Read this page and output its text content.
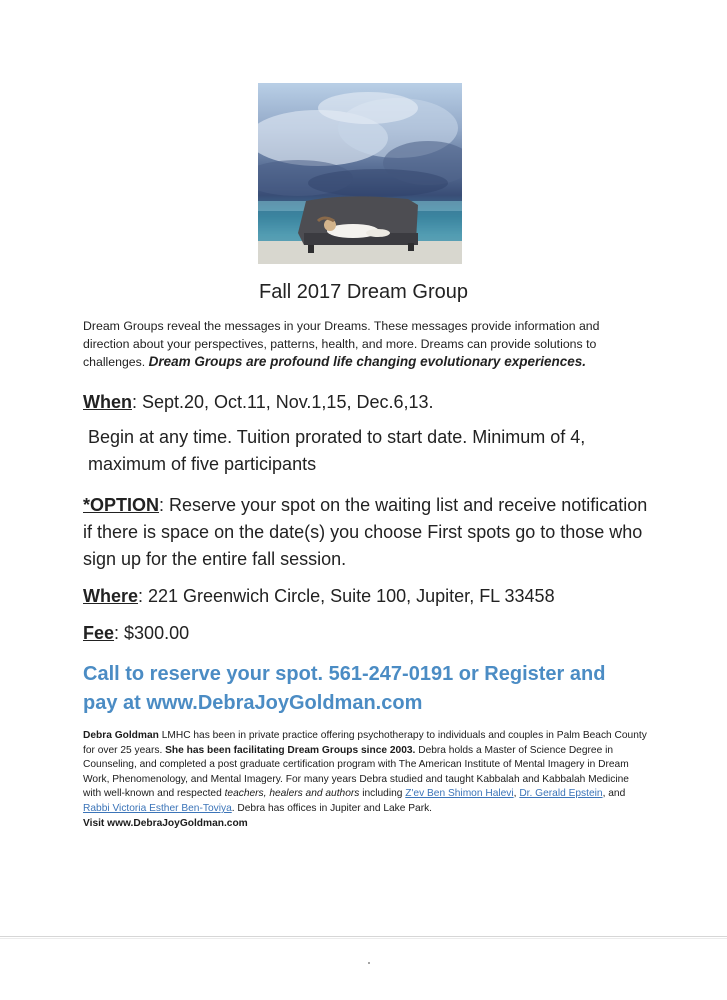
Fall 2017 Dream Group
Dream Groups reveal the messages in your Dreams. These messages provide information and direction about your perspectives, patterns, health, and more. Dreams can provide solutions to challenges. Dream Groups are profound life changing evolutionary experiences.
When: Sept.20, Oct.11, Nov.1,15, Dec.6,13.
Begin at any time. Tuition prorated to start date. Minimum of 4, maximum of five participants
*OPTION: Reserve your spot on the waiting list and receive notification if there is space on the date(s) you choose First spots go to those who sign up for the entire fall session.
Where: 221 Greenwich Circle, Suite 100, Jupiter, FL 33458
Fee: $300.00
Call to reserve your spot. 561-247-0191 or Register and pay at www.DebraJoyGoldman.com
Debra Goldman LMHC has been in private practice offering psychotherapy to individuals and couples in Palm Beach County for over 25 years. She has been facilitating Dream Groups since 2003. Debra holds a Master of Science Degree in Counseling, and completed a post graduate certification program with The American Institute of Mental Imagery in Dream Work, Phenomenology, and Mental Imagery. For many years Debra studied and taught Kabbalah and Kabbalah Medicine with well-known and respected teachers, healers and authors including Z'ev Ben Shimon Halevi, Dr. Gerald Epstein, and Rabbi Victoria Esther Ben-Toviya. Debra has offices in Jupiter and Lake Park.
Visit www.DebraJoyGoldman.com
